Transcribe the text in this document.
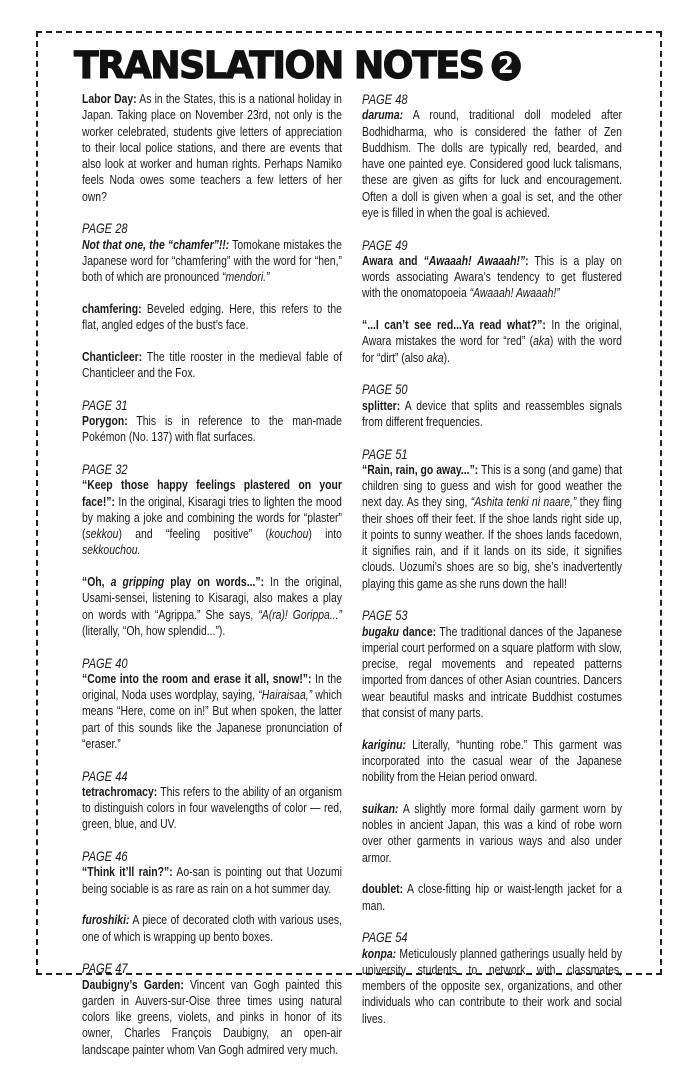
TRANSLATION NOTES 2
Labor Day: As in the States, this is a national holiday in Japan. Taking place on November 23rd, not only is the worker celebrated, students give letters of appreciation to their local police stations, and there are events that also look at worker and human rights. Perhaps Namiko feels Noda owes some teachers a few letters of her own?
PAGE 28
Not that one, the “chamfer”!!: Tomokane mistakes the Japanese word for “chamfering” with the word for “hen,” both of which are pronounced “mendori.”
chamfering: Beveled edging. Here, this refers to the flat, angled edges of the bust’s face.
Chanticleer: The title rooster in the medieval fable of Chanticleer and the Fox.
PAGE 31
Porygon: This is in reference to the man-made Pokémon (No. 137) with flat surfaces.
PAGE 32
“Keep those happy feelings plastered on your face!”: In the original, Kisaragi tries to lighten the mood by making a joke and combining the words for “plaster” (sekkou) and “feeling positive” (kouchou) into sekkouchou.
“Oh, a gripping play on words...”: In the original, Usami-sensei, listening to Kisaragi, also makes a play on words with “Agrippa.” She says, “A(ra)! Gorippa...” (literally, “Oh, how splendid...”).
PAGE 40
“Come into the room and erase it all, snow!”: In the original, Noda uses wordplay, saying, “Hairaisaa,” which means “Here, come on in!” But when spoken, the latter part of this sounds like the Japanese pronunciation of “eraser.”
PAGE 44
tetrachromacy: This refers to the ability of an organism to distinguish colors in four wavelengths of color — red, green, blue, and UV.
PAGE 46
“Think it’ll rain?”: Ao-san is pointing out that Uozumi being sociable is as rare as rain on a hot summer day.
furoshiki: A piece of decorated cloth with various uses, one of which is wrapping up bento boxes.
PAGE 47
Daubigny’s Garden: Vincent van Gogh painted this garden in Auvers-sur-Oise three times using natural colors like greens, violets, and pinks in honor of its owner, Charles François Daubigny, an open-air landscape painter whom Van Gogh admired very much.
PAGE 48
daruma: A round, traditional doll modeled after Bodhidharma, who is considered the father of Zen Buddhism. The dolls are typically red, bearded, and have one painted eye. Considered good luck talismans, these are given as gifts for luck and encouragement. Often a doll is given when a goal is set, and the other eye is filled in when the goal is achieved.
PAGE 49
Awara and “Awaaah! Awaaah!”: This is a play on words associating Awara’s tendency to get flustered with the onomatopoeia “Awaaah! Awaaah!”
“...I can’t see red...Ya read what?”: In the original, Awara mistakes the word for “red” (aka) with the word for “dirt” (also aka).
PAGE 50
splitter: A device that splits and reassembles signals from different frequencies.
PAGE 51
“Rain, rain, go away...”: This is a song (and game) that children sing to guess and wish for good weather the next day. As they sing, “Ashita tenki ni naare,” they fling their shoes off their feet. If the shoe lands right side up, it points to sunny weather. If the shoes lands facedown, it signifies rain, and if it lands on its side, it signifies clouds. Uozumi’s shoes are so big, she’s inadvertently playing this game as she runs down the hall!
PAGE 53
bugaku dance: The traditional dances of the Japanese imperial court performed on a square platform with slow, precise, regal movements and repeated patterns imported from dances of other Asian countries. Dancers wear beautiful masks and intricate Buddhist costumes that consist of many parts.
kariginu: Literally, “hunting robe.” This garment was incorporated into the casual wear of the Japanese nobility from the Heian period onward.
suikan: A slightly more formal daily garment worn by nobles in ancient Japan, this was a kind of robe worn over other garments in various ways and also under armor.
doublet: A close-fitting hip or waist-length jacket for a man.
PAGE 54
konpa: Meticulously planned gatherings usually held by university students to network with classmates, members of the opposite sex, organizations, and other individuals who can contribute to their work and social lives.
